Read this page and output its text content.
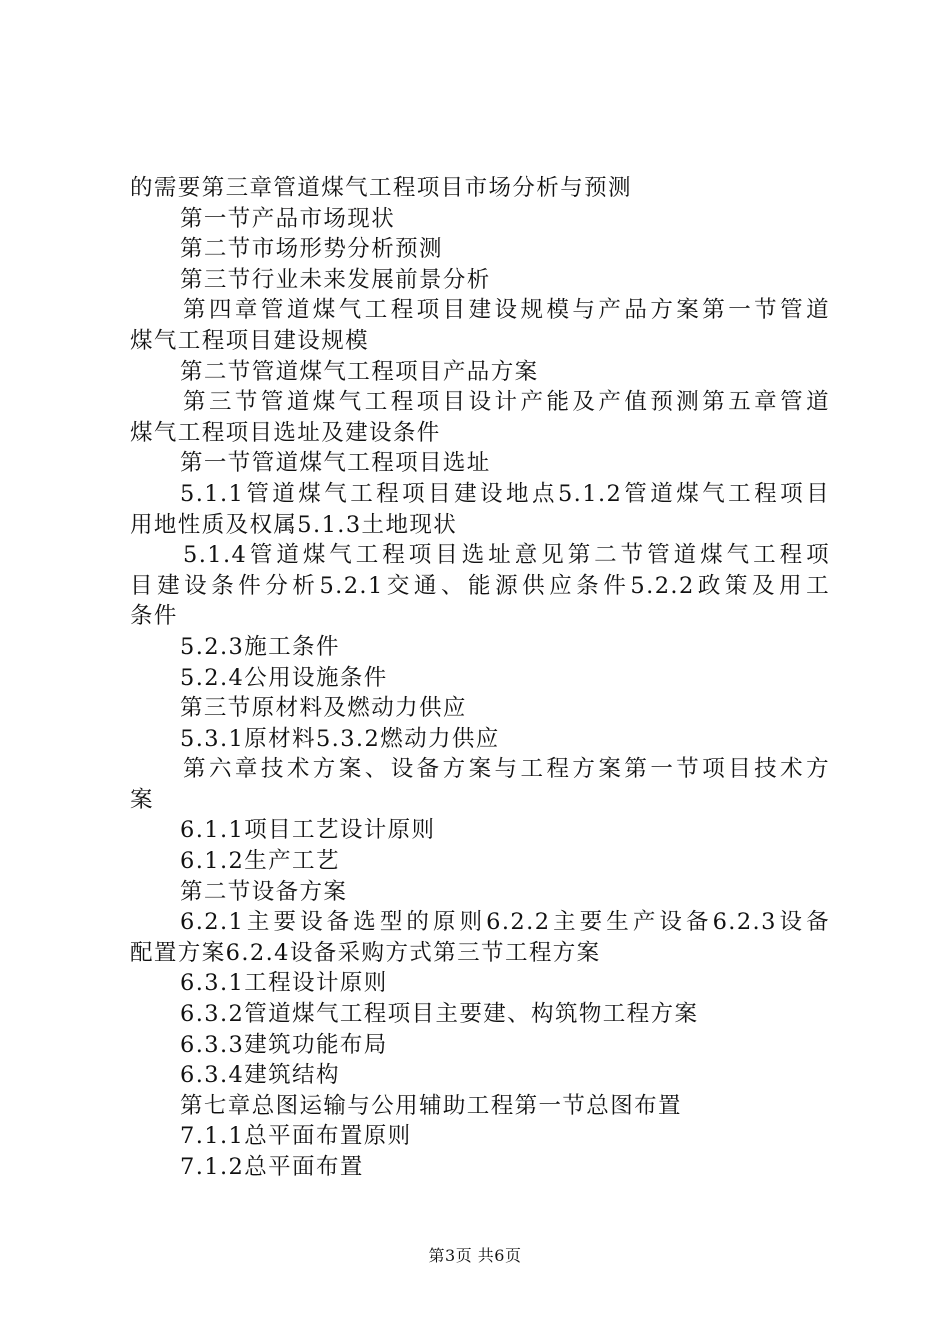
的需要第三章管道煤气工程项目市场分析与预测
第一节产品市场现状
第二节市场形势分析预测
第三节行业未来发展前景分析
第四章管道煤气工程项目建设规模与产品方案第一节管道
煤气工程项目建设规模
第二节管道煤气工程项目产品方案
第三节管道煤气工程项目设计产能及产值预测第五章管道
煤气工程项目选址及建设条件
第一节管道煤气工程项目选址
5.1.1管道煤气工程项目建设地点5.1.2管道煤气工程项目
用地性质及权属5.1.3土地现状
5.1.4管道煤气工程项目选址意见第二节管道煤气工程项
目建设条件分析5.2.1交通、能源供应条件5.2.2政策及用工
条件
5.2.3施工条件
5.2.4公用设施条件
第三节原材料及燃动力供应
5.3.1原材料5.3.2燃动力供应
第六章技术方案、设备方案与工程方案第一节项目技术方
案
6.1.1项目工艺设计原则
6.1.2生产工艺
第二节设备方案
6.2.1主要设备选型的原则6.2.2主要生产设备6.2.3设备
配置方案6.2.4设备采购方式第三节工程方案
6.3.1工程设计原则
6.3.2管道煤气工程项目主要建、构筑物工程方案
6.3.3建筑功能布局
6.3.4建筑结构
第七章总图运输与公用辅助工程第一节总图布置
7.1.1总平面布置原则
7.1.2总平面布置
第3页 共6页
